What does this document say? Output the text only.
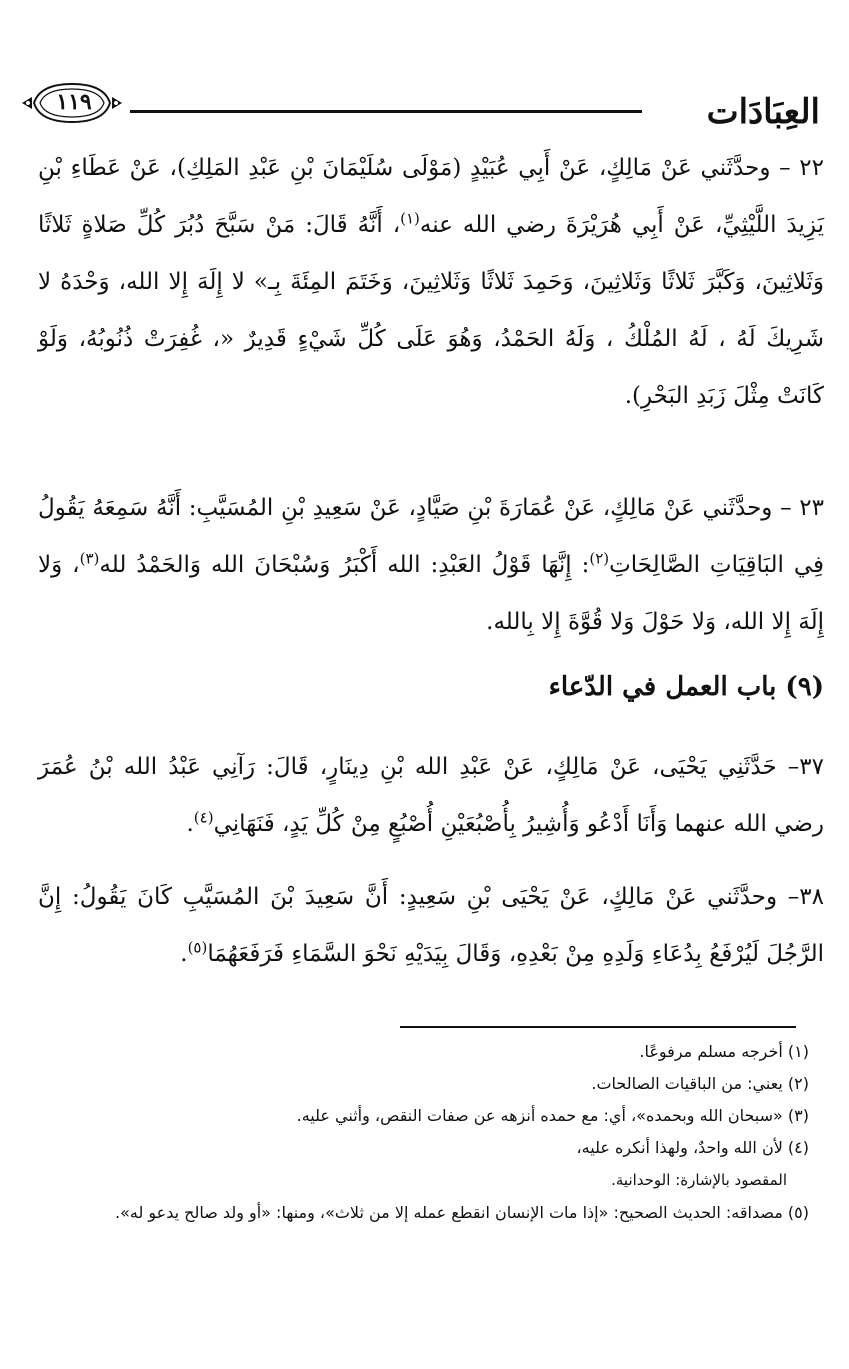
١١٩	العِبَادَات

٢٢ – وحدَّثَني عَنْ مَالِكٍ، عَنْ أَبِي عُبَيْدٍ (مَوْلَى سُلَيْمَانَ بْنِ عَبْدِ المَلِكِ)، عَنْ عَطَاءِ بْنِ يَزِيدَ اللَّيْثِيِّ، عَنْ أَبِي هُرَيْرَةَ رضي الله عنه$^{(١)}$، أَنَّهُ قَالَ: مَنْ سَبَّحَ دُبُرَ كُلِّ صَلاةٍ ثَلاثًا وَثَلاثِينَ، وَكَبَّرَ ثَلاثًا وَثَلاثِينَ، وَحَمِدَ ثَلاثًا وَثَلاثِينَ، وَخَتَمَ المِئَةَ بِـ» لا إِلَهَ إِلا الله، وَحْدَهُ لا شَرِيكَ لَهُ ، لَهُ المُلْكُ ، وَلَهُ الحَمْدُ، وَهُوَ عَلَى كُلِّ شَيْءٍ قَدِيرٌ «، غُفِرَتْ ذُنُوبُهُ، وَلَوْ كَانَتْ مِثْلَ زَبَدِ البَحْرِ).

٢٣ – وحدَّثَني عَنْ مَالِكٍ، عَنْ عُمَارَةَ بْنِ صَيَّادٍ، عَنْ سَعِيدِ بْنِ المُسَيَّبِ: أَنَّهُ سَمِعَهُ يَقُولُ فِي البَاقِيَاتِ الصَّالِحَاتِ$^{(٢)}$: إِنَّهَا قَوْلُ العَبْدِ: الله أَكْبَرُ وَسُبْحَانَ الله وَالحَمْدُ لله$^{(٣)}$، وَلا إِلَهَ إِلا الله، وَلا حَوْلَ وَلا قُوَّةَ إِلا بِالله.

(٩) باب العمل في الدّعاء

٣٧– حَدَّثَنِي يَحْيَى، عَنْ مَالِكٍ، عَنْ عَبْدِ الله بْنِ دِينَارٍ، قَالَ: رَآنِي عَبْدُ الله بْنُ عُمَرَ رضي الله عنهما وَأَنَا أَدْعُو وَأُشِيرُ بِأُصْبُعَيْنِ أُصْبُعٍ مِنْ كُلِّ يَدٍ، فَنَهَانِي$^{(٤)}$.

٣٨– وحدَّثَني عَنْ مَالِكٍ، عَنْ يَحْيَى بْنِ سَعِيدٍ: أَنَّ سَعِيدَ بْنَ المُسَيَّبِ كَانَ يَقُولُ: إِنَّ الرَّجُلَ لَيُرْفَعُ بِدُعَاءِ وَلَدِهِ مِنْ بَعْدِهِ، وَقَالَ بِيَدَيْهِ نَحْوَ السَّمَاءِ فَرَفَعَهُمَا$^{(٥)}$.

(١) أخرجه مسلم مرفوعًا.

(٢) يعني: من الباقيات الصالحات.

(٣) «سبحان الله وبحمده»، أي: مع حمده أنزهه عن صفات النقص، وأثني عليه.

(٤) لأن الله واحدٌ، ولهذا أنكره عليه،

المقصود بالإشارة: الوحدانية.

(٥) مصداقه: الحديث الصحيح: «إذا مات الإنسان انقطع عمله إلا من ثلاث»، ومنها: «أو ولد صالح يدعو له».
